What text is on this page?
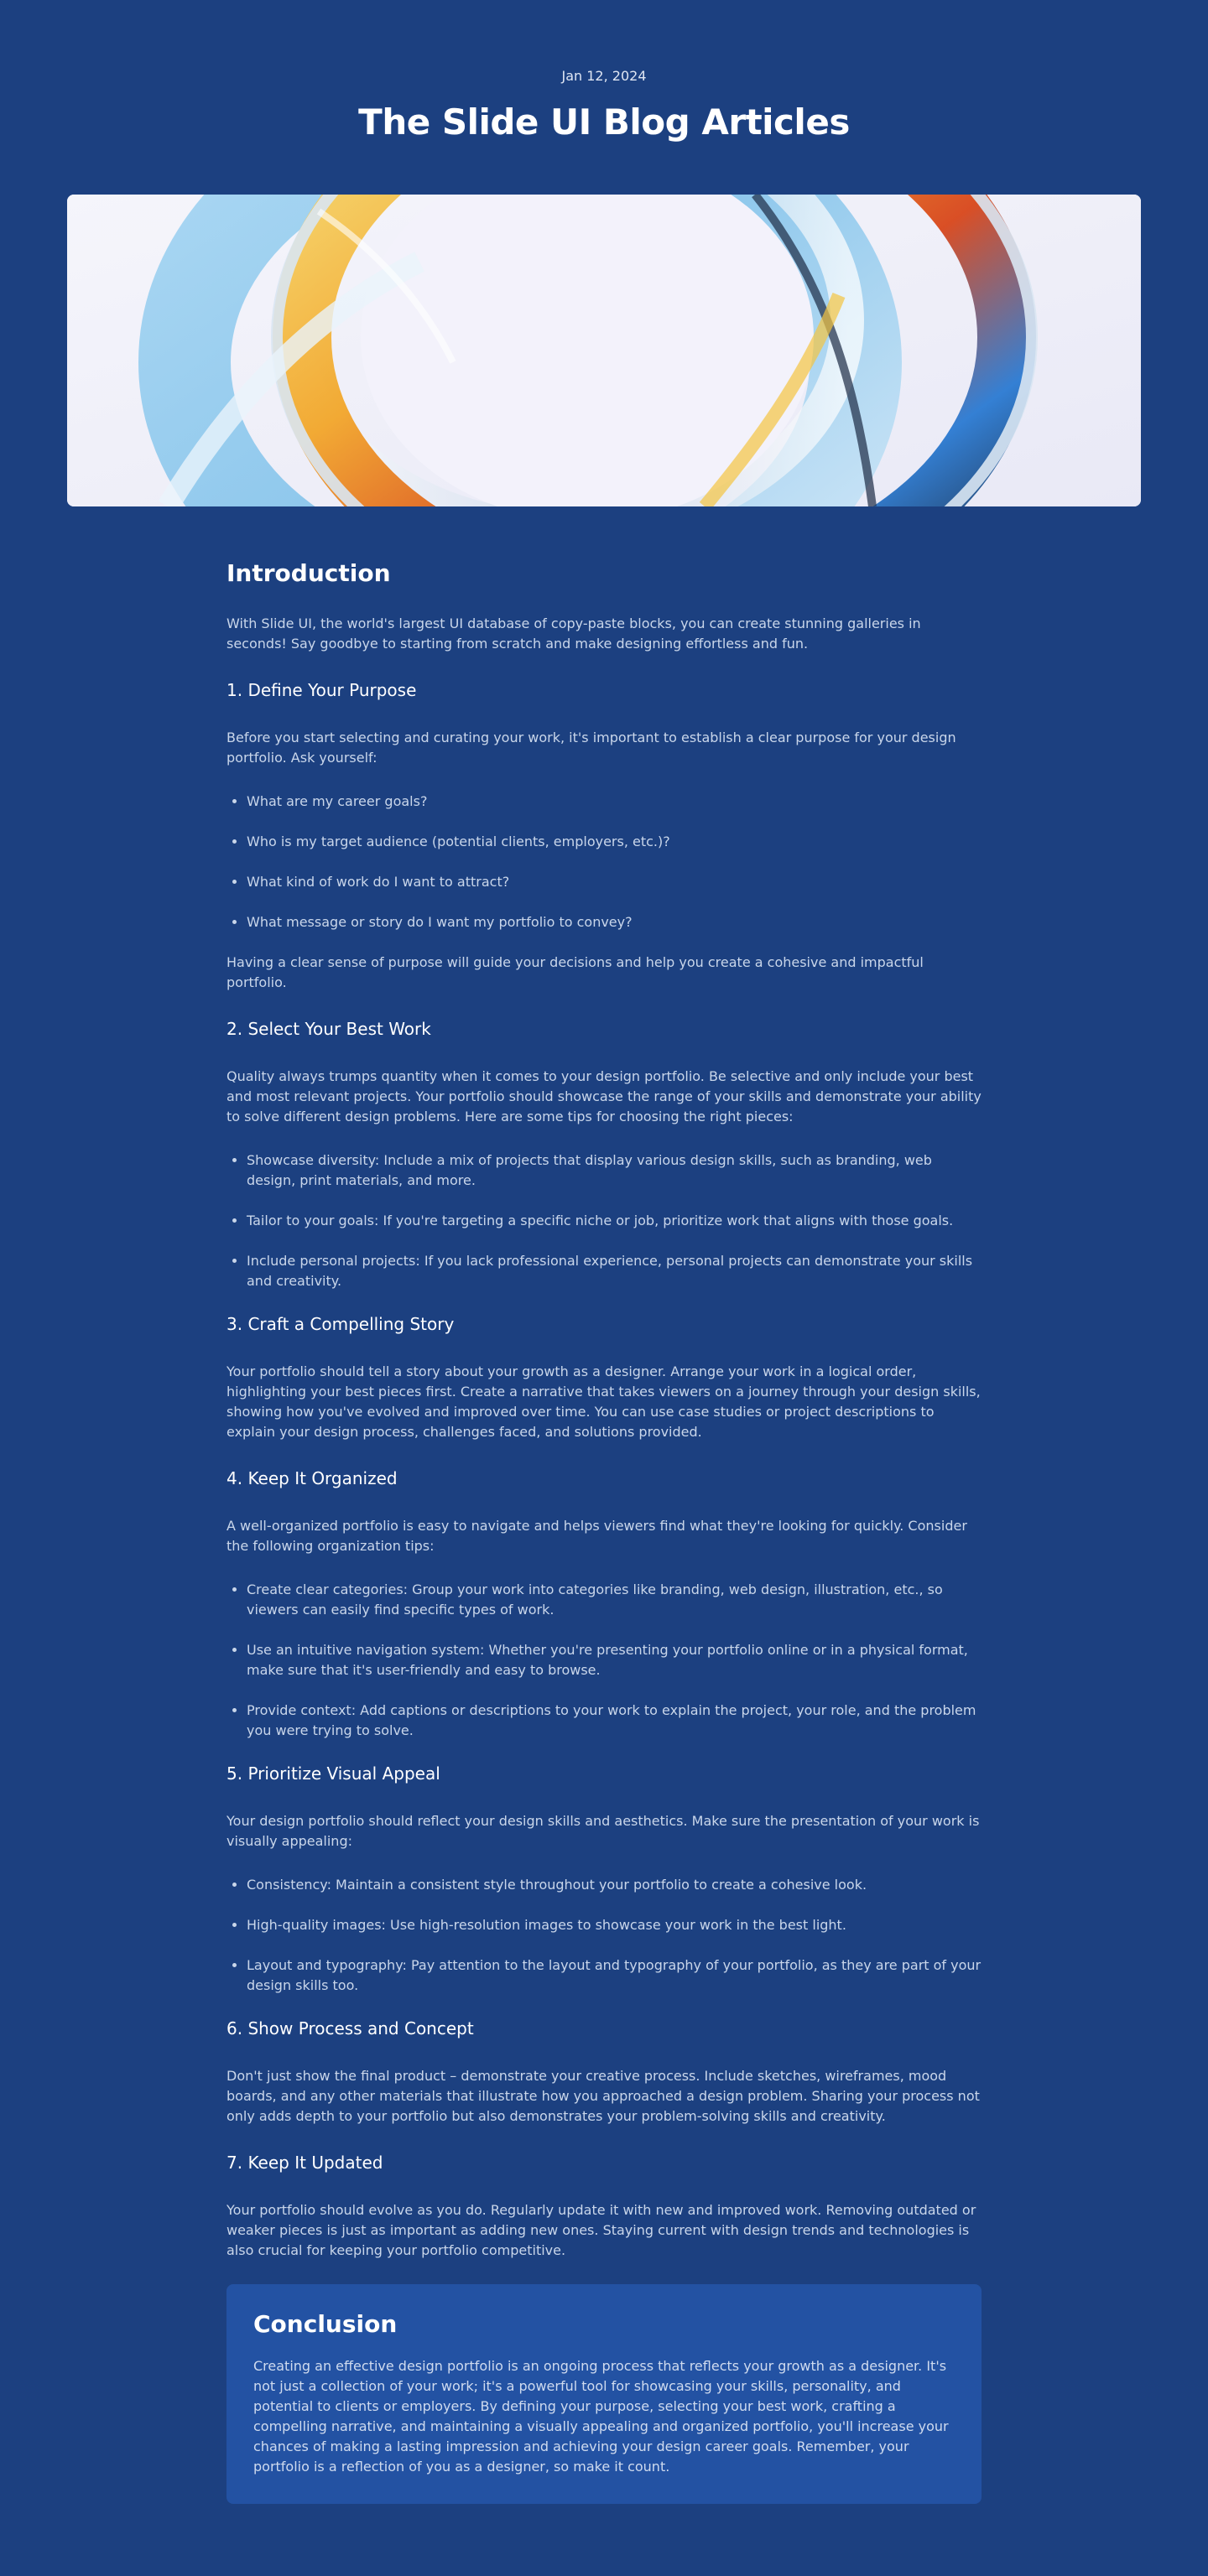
Jan 12, 2024

The Slide UI Blog Articles
Introduction

With Slide UI, the world's largest UI database of copy-paste blocks, you can create stunning galleries in seconds! Say goodbye to starting from scratch and make designing effortless and fun.

1. Define Your Purpose

Before you start selecting and curating your work, it's important to establish a clear purpose for your design portfolio. Ask yourself:

• What are my career goals?
• Who is my target audience (potential clients, employers, etc.)?
• What kind of work do I want to attract?
• What message or story do I want my portfolio to convey?

Having a clear sense of purpose will guide your decisions and help you create a cohesive and impactful portfolio.

2. Select Your Best Work

Quality always trumps quantity when it comes to your design portfolio. Be selective and only include your best and most relevant projects. Your portfolio should showcase the range of your skills and demonstrate your ability to solve different design problems. Here are some tips for choosing the right pieces:

• Showcase diversity: Include a mix of projects that display various design skills, such as branding, web design, print materials, and more.
• Tailor to your goals: If you're targeting a specific niche or job, prioritize work that aligns with those goals.
• Include personal projects: If you lack professional experience, personal projects can demonstrate your skills and creativity.
3. Craft a Compelling Story

Your portfolio should tell a story about your growth as a designer. Arrange your work in a logical order, highlighting your best pieces first. Create a narrative that takes viewers on a journey through your design skills, showing how you've evolved and improved over time. You can use case studies or project descriptions to explain your design process, challenges faced, and solutions provided.

4. Keep It Organized

A well-organized portfolio is easy to navigate and helps viewers find what they're looking for quickly. Consider the following organization tips:

• Create clear categories: Group your work into categories like branding, web design, illustration, etc., so viewers can easily find specific types of work.
• Use an intuitive navigation system: Whether you're presenting your portfolio online or in a physical format, make sure that it's user-friendly and easy to browse.
• Provide context: Add captions or descriptions to your work to explain the project, your role, and the problem you were trying to solve.
5. Prioritize Visual Appeal

Your design portfolio should reflect your design skills and aesthetics. Make sure the presentation of your work is visually appealing:

• Consistency: Maintain a consistent style throughout your portfolio to create a cohesive look.
• High-quality images: Use high-resolution images to showcase your work in the best light.
• Layout and typography: Pay attention to the layout and typography of your portfolio, as they are part of your design skills too.
6. Show Process and Concept

Don't just show the final product – demonstrate your creative process. Include sketches, wireframes, mood boards, and any other materials that illustrate how you approached a design problem. Sharing your process not only adds depth to your portfolio but also demonstrates your problem-solving skills and creativity.

7. Keep It Updated

Your portfolio should evolve as you do. Regularly update it with new and improved work. Removing outdated or weaker pieces is just as important as adding new ones. Staying current with design trends and technologies is also crucial for keeping your portfolio competitive.

Conclusion

Creating an effective design portfolio is an ongoing process that reflects your growth as a designer. It's not just a collection of your work; it's a powerful tool for showcasing your skills, personality, and potential to clients or employers. By defining your purpose, selecting your best work, crafting a compelling narrative, and maintaining a visually appealing and organized portfolio, you'll increase your chances of making a lasting impression and achieving your design career goals. Remember, your portfolio is a reflection of you as a designer, so make it count.
